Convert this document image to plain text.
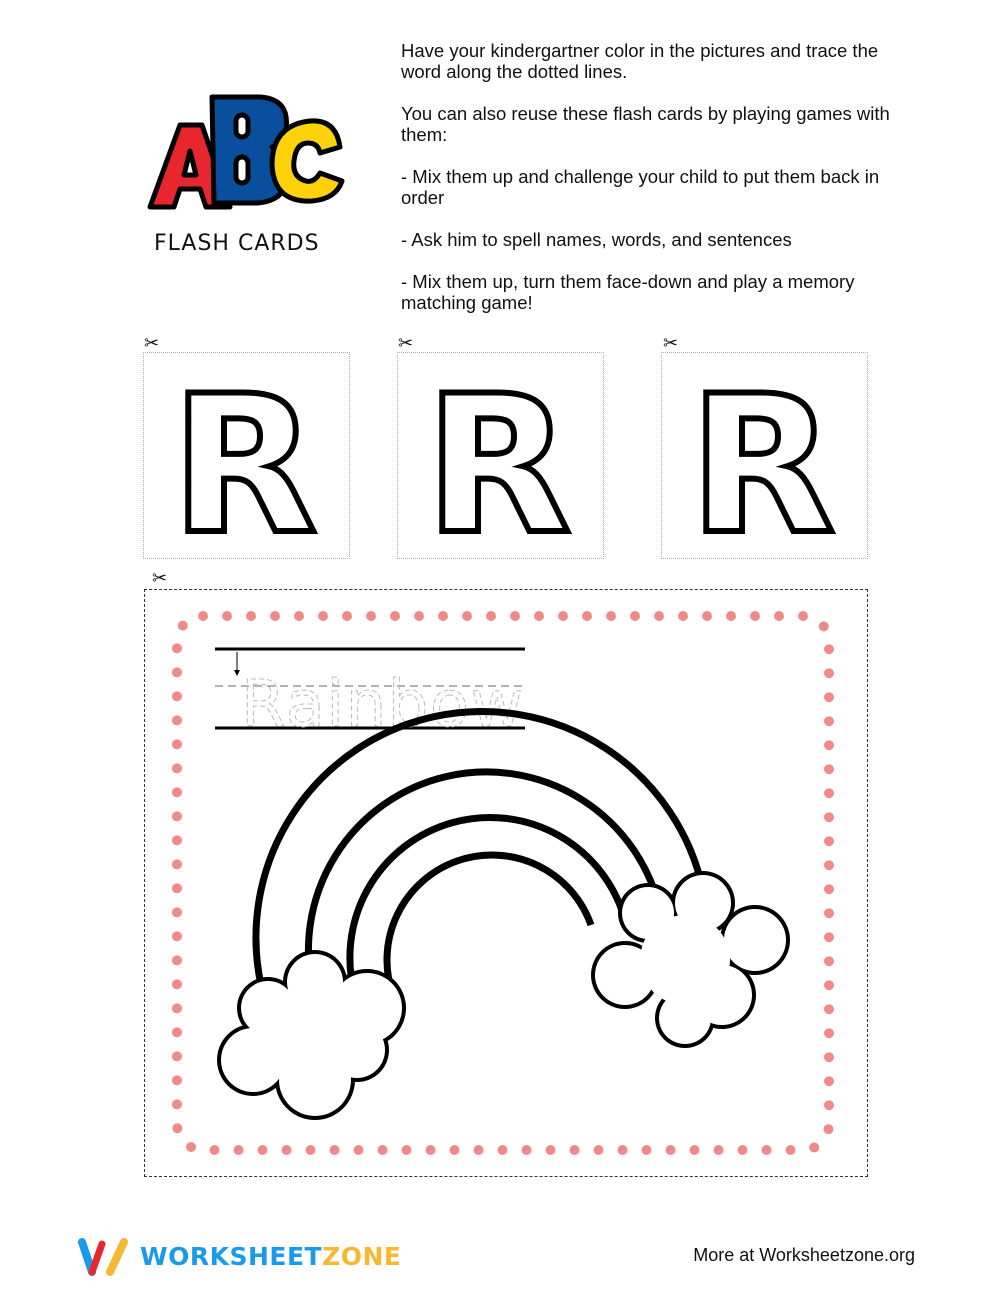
FLASH CARDS

Have your kindergartner color in the pictures and trace the word along the dotted lines.

You can also reuse these flash cards by playing games with them:

- Mix them up and challenge your child to put them back in order

- Ask him to spell names, words, and sentences

- Mix them up, turn them face-down and play a memory matching game!

✂	✂	✂
✂
R R R
Rainbow
WORKSHEETZONE	More at Worksheetzone.org
